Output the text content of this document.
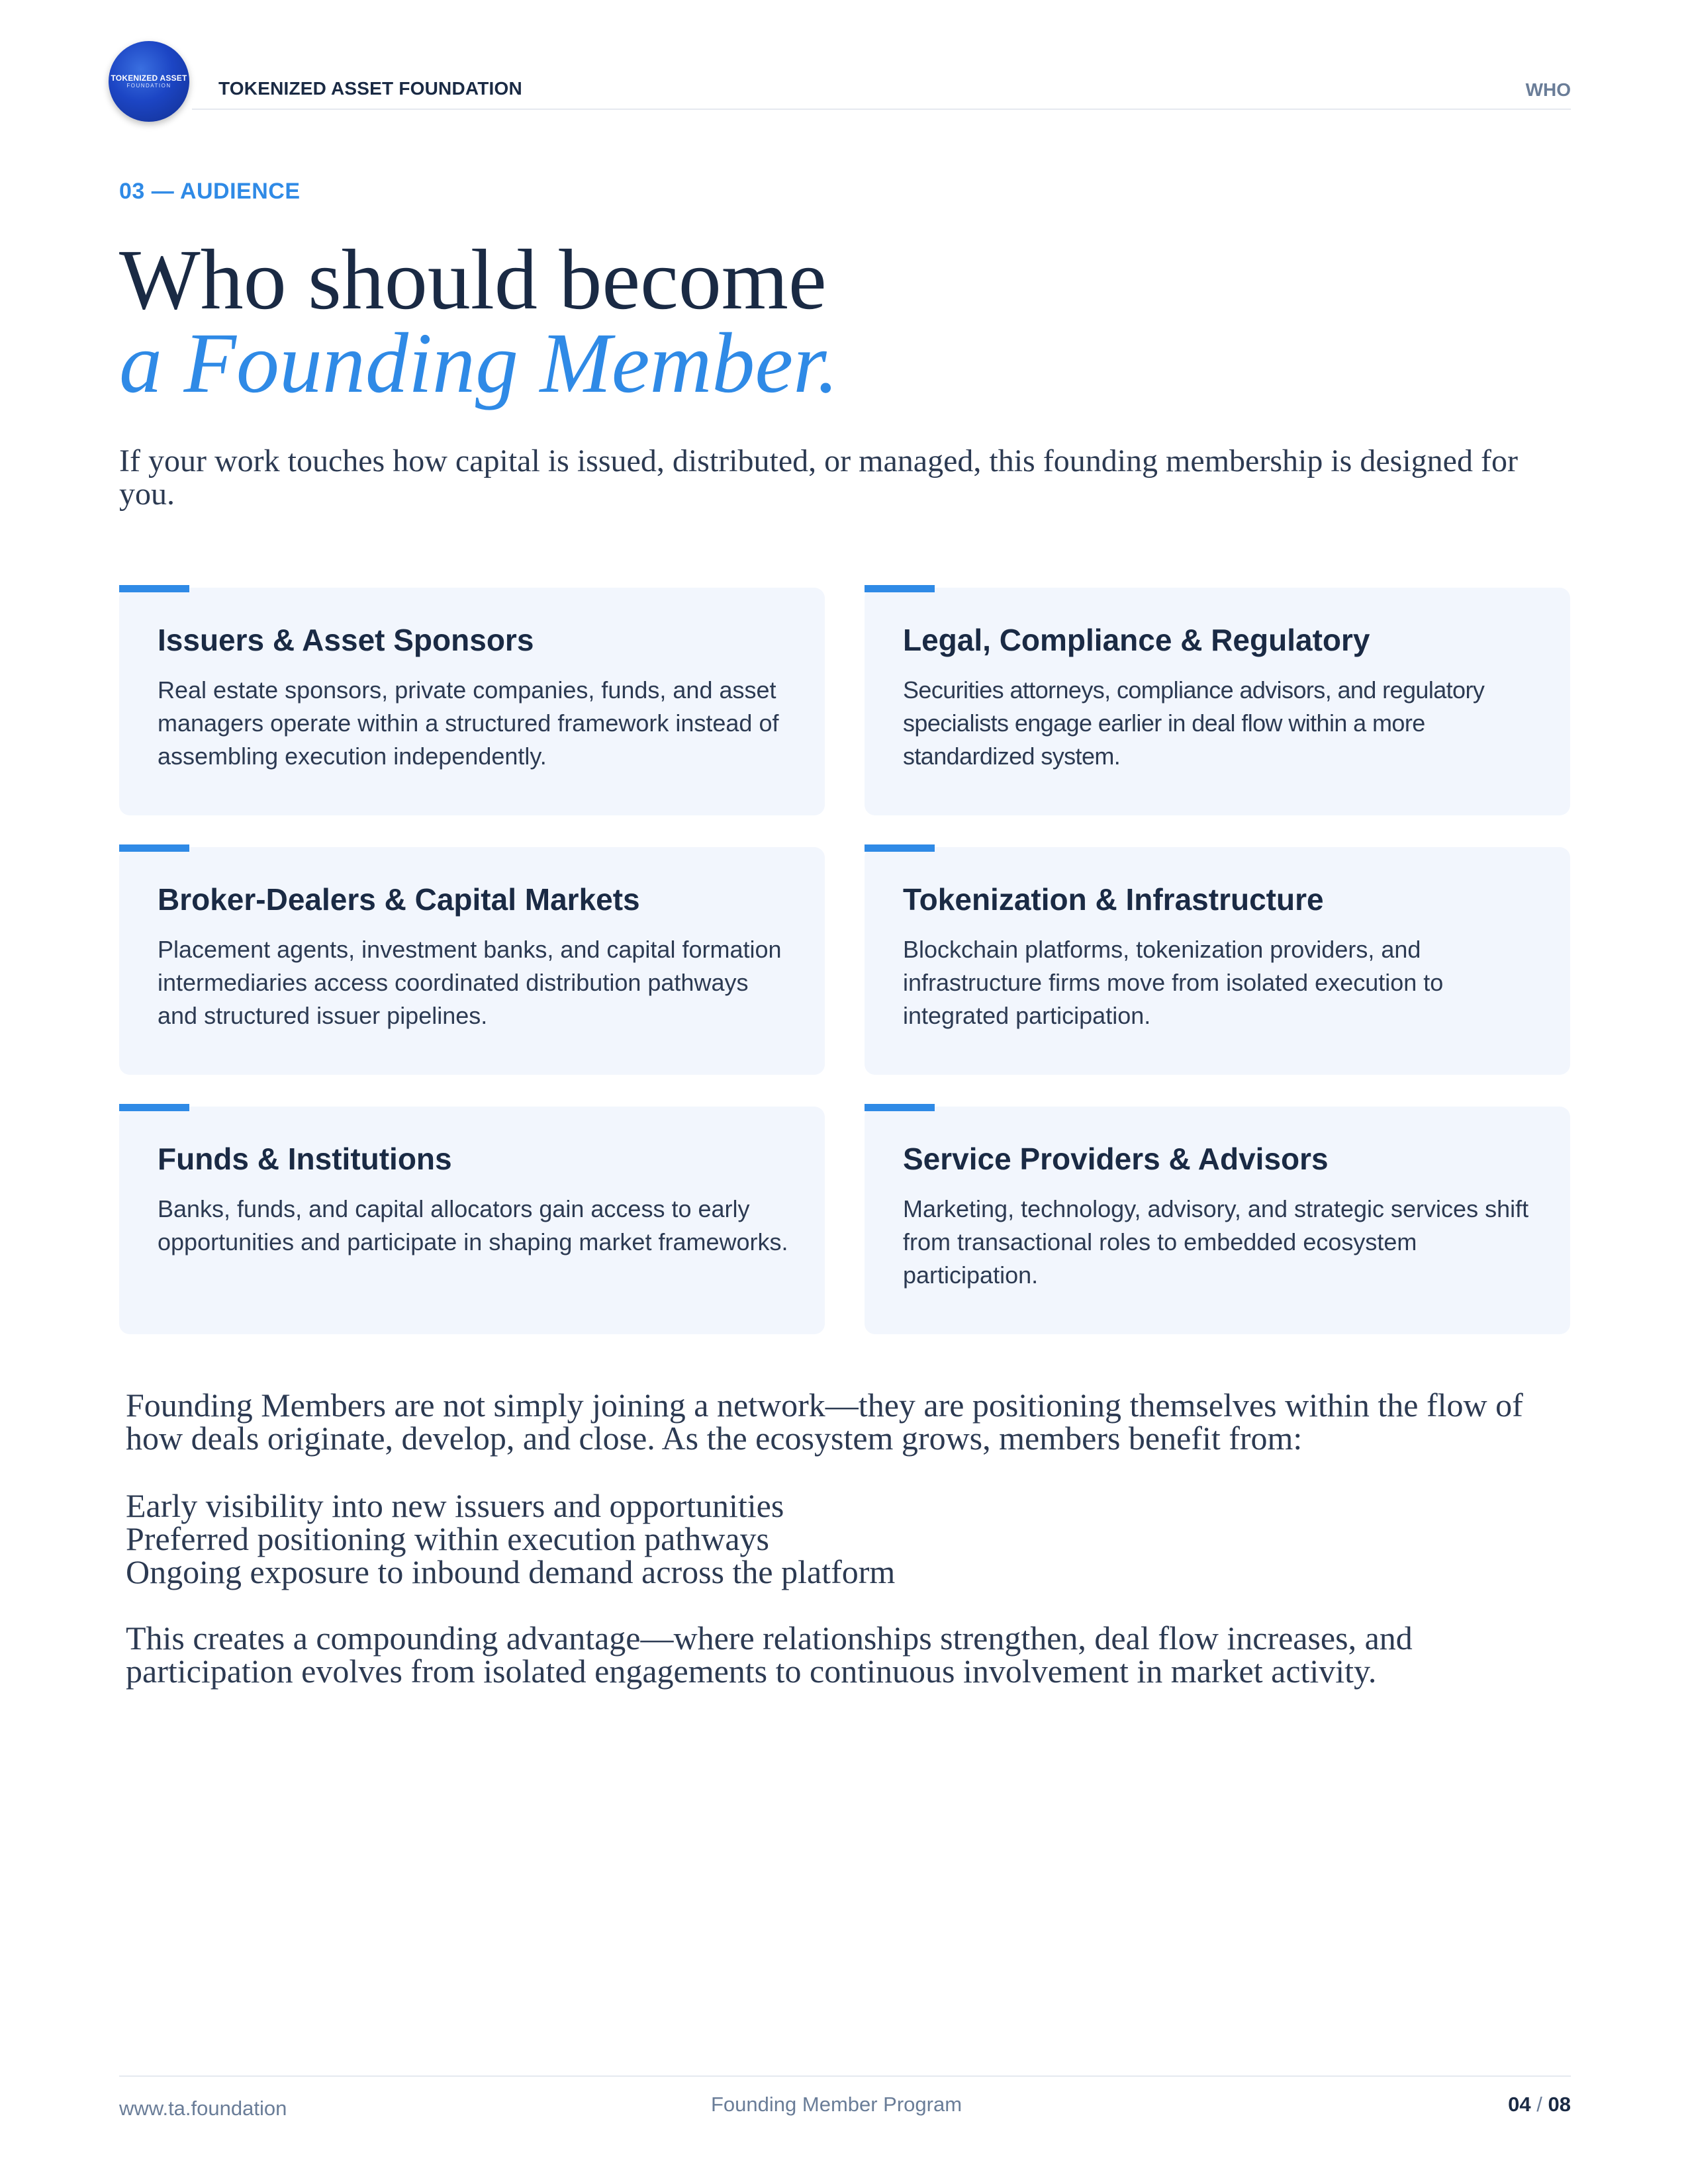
TOKENIZED ASSET
FOUNDATION	TOKENIZED ASSET FOUNDATION	WHO
03 — AUDIENCE
Who should become
a Founding Member.
If your work touches how capital is issued, distributed, or managed, this founding membership is designed for you.
Issuers & Asset Sponsors
Real estate sponsors, private companies, funds, and asset managers operate within a structured framework instead of assembling execution independently.
Legal, Compliance & Regulatory
Securities attorneys, compliance advisors, and regulatory specialists engage earlier in deal flow within a more standardized system.
Broker-Dealers & Capital Markets
Placement agents, investment banks, and capital formation intermediaries access coordinated distribution pathways and structured issuer pipelines.
Tokenization & Infrastructure
Blockchain platforms, tokenization providers, and infrastructure firms move from isolated execution to integrated participation.
Funds & Institutions
Banks, funds, and capital allocators gain access to early opportunities and participate in shaping market frameworks.
Service Providers & Advisors
Marketing, technology, advisory, and strategic services shift from transactional roles to embedded ecosystem participation.
Founding Members are not simply joining a network—they are positioning themselves within the flow of how deals originate, develop, and close. As the ecosystem grows, members benefit from:
Early visibility into new issuers and opportunities
Preferred positioning within execution pathways
Ongoing exposure to inbound demand across the platform
This creates a compounding advantage—where relationships strengthen, deal flow increases, and participation evolves from isolated engagements to continuous involvement in market activity.
www.ta.foundation	Founding Member Program	04 / 08
